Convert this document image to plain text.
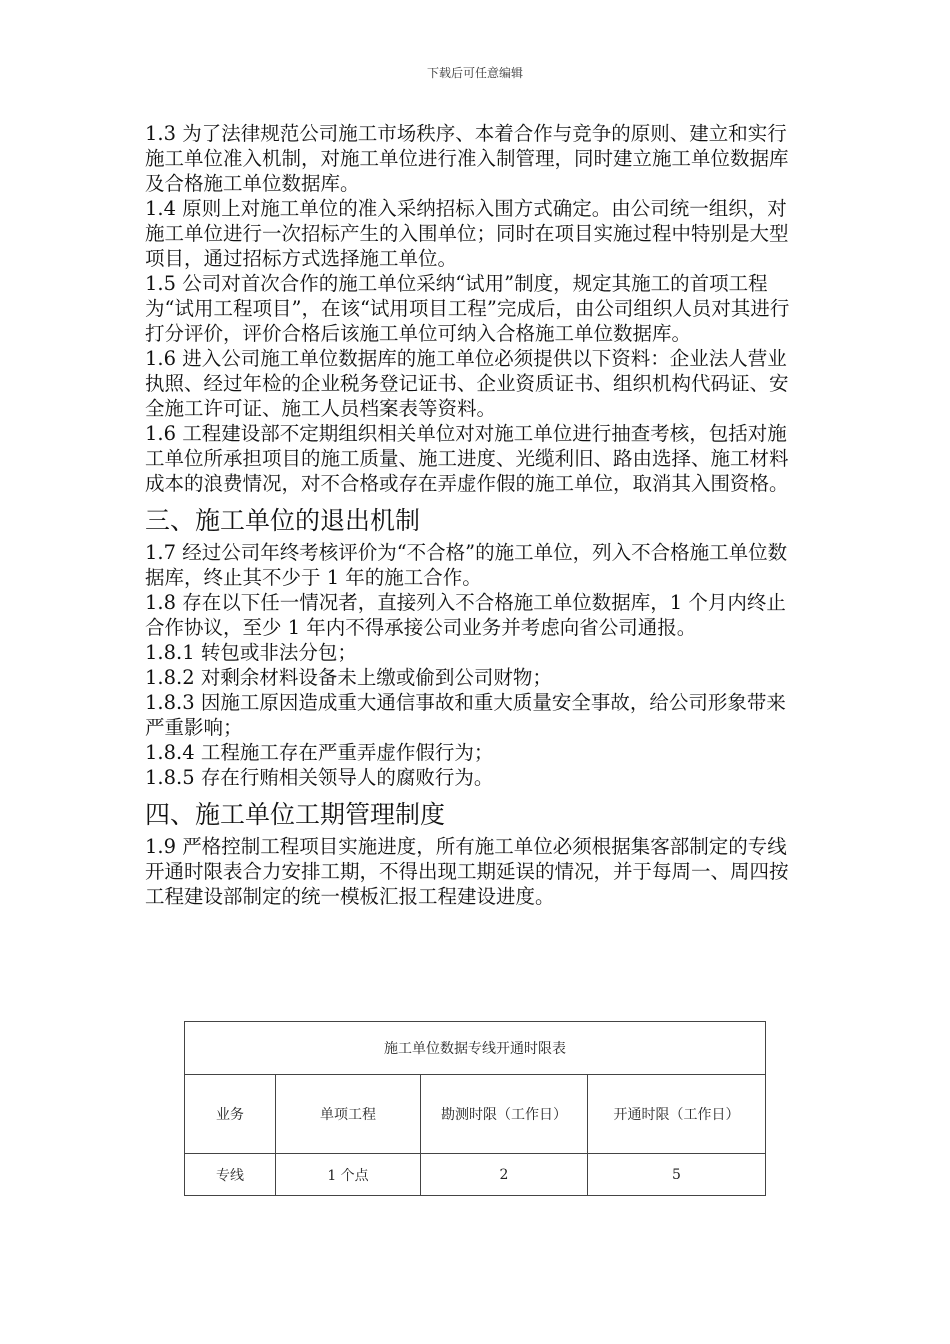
下载后可任意编辑

1.3 为了法律规范公司施工市场秩序、本着合作与竞争的原则、建立和实行施工单位准入机制，对施工单位进行准入制管理，同时建立施工单位数据库及合格施工单位数据库。

1.4 原则上对施工单位的准入采纳招标入围方式确定。由公司统一组织，对施工单位进行一次招标产生的入围单位；同时在项目实施过程中特别是大型项目，通过招标方式选择施工单位。

1.5 公司对首次合作的施工单位采纳“试用”制度，规定其施工的首项工程为“试用工程项目”，在该“试用项目工程”完成后，由公司组织人员对其进行打分评价，评价合格后该施工单位可纳入合格施工单位数据库。

1.6 进入公司施工单位数据库的施工单位必须提供以下资料：企业法人营业执照、经过年检的企业税务登记证书、企业资质证书、组织机构代码证、安全施工许可证、施工人员档案表等资料。

1.6 工程建设部不定期组织相关单位对对施工单位进行抽查考核，包括对施工单位所承担项目的施工质量、施工进度、光缆利旧、路由选择、施工材料成本的浪费情况，对不合格或存在弄虚作假的施工单位，取消其入围资格。

三、施工单位的退出机制

1.7 经过公司年终考核评价为“不合格”的施工单位，列入不合格施工单位数据库，终止其不少于 1 年的施工合作。

1.8 存在以下任一情况者，直接列入不合格施工单位数据库，1 个月内终止合作协议，至少 1 年内不得承接公司业务并考虑向省公司通报。

1.8.1 转包或非法分包；

1.8.2 对剩余材料设备未上缴或偷到公司财物；

1.8.3 因施工原因造成重大通信事故和重大质量安全事故，给公司形象带来严重影响；

1.8.4 工程施工存在严重弄虚作假行为；

1.8.5 存在行贿相关领导人的腐败行为。

四、施工单位工期管理制度

1.9 严格控制工程项目实施进度，所有施工单位必须根据集客部制定的专线开通时限表合力安排工期，不得出现工期延误的情况，并于每周一、周四按工程建设部制定的统一模板汇报工程建设进度。

施工单位数据专线开通时限表			
业务	单项工程	勘测时限（工作日）	开通时限（工作日）
专线	1 个点	2	5
